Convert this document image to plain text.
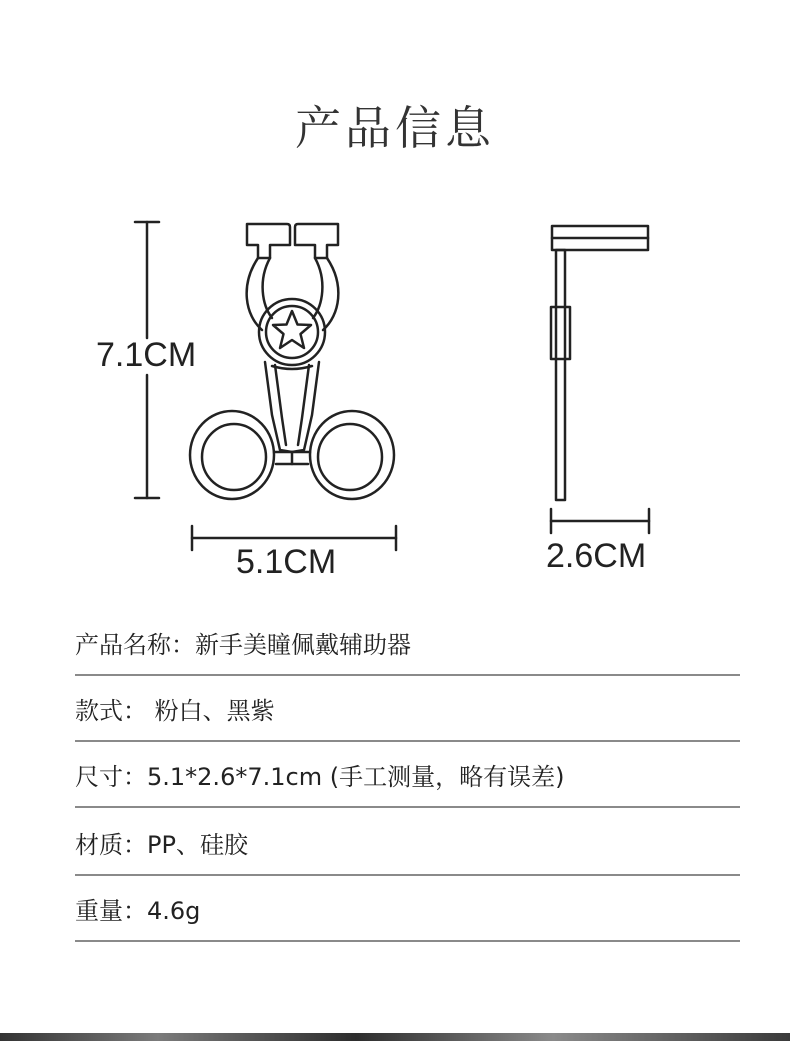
产品信息
7.1CM
5.1CM	2.6CM
产品名称：新手美瞳佩戴辅助器
款式： 粉白、黑紫
尺寸：5.1*2.6*7.1cm (手工测量，略有误差)
材质：PP、硅胶
重量：4.6g
